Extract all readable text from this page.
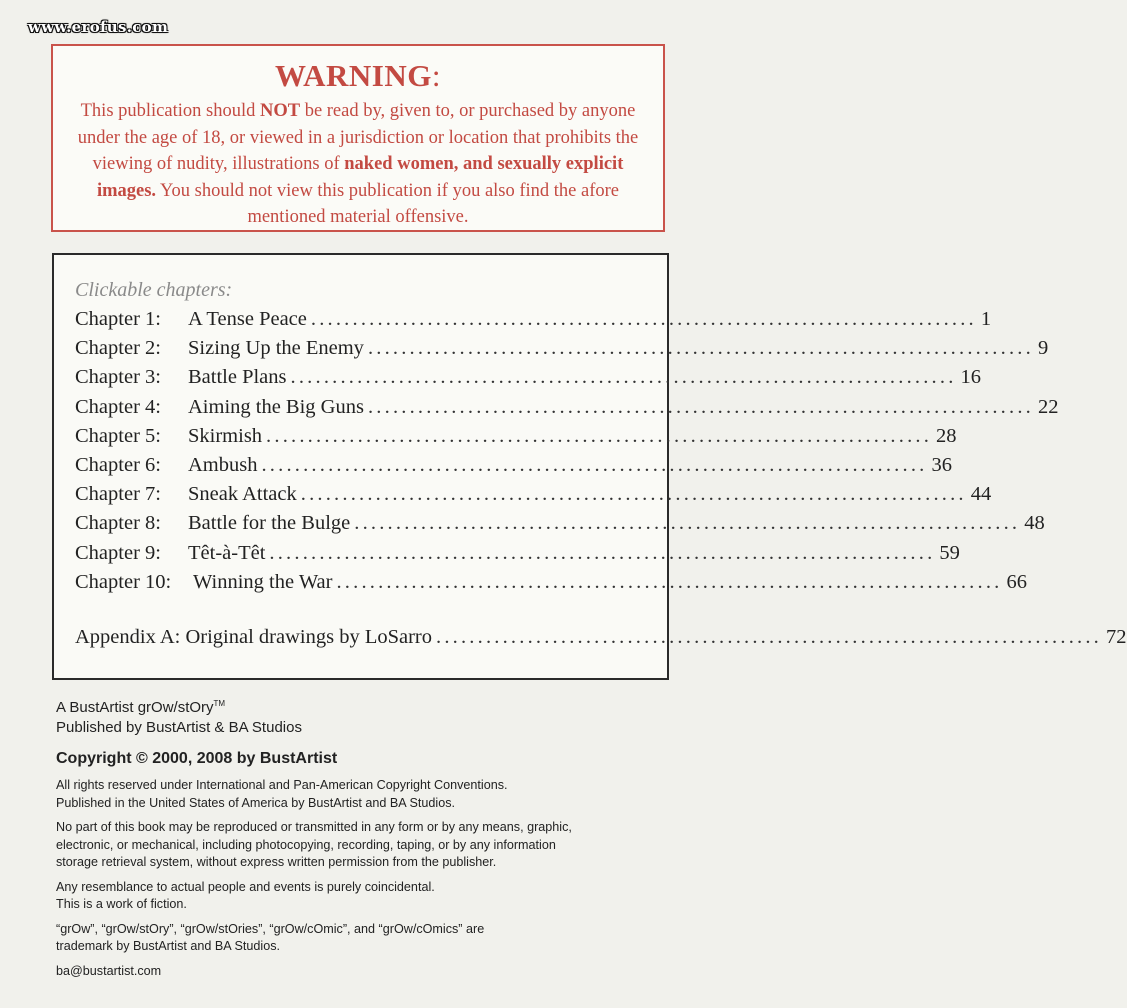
www.erofus.com
WARNING:
This publication should NOT be read by, given to, or purchased by anyone under the age of 18, or viewed in a jurisdiction or location that prohibits the viewing of nudity, illustrations of naked women, and sexually explicit images. You should not view this publication if you also find the afore mentioned material offensive.
Clickable chapters:
Chapter 1: A Tense Peace ................................................................................ 1
Chapter 2: Sizing Up the Enemy ................................................................................ 9
Chapter 3: Battle Plans ................................................................................ 16
Chapter 4: Aiming the Big Guns ................................................................................ 22
Chapter 5: Skirmish ................................................................................ 28
Chapter 6: Ambush ................................................................................ 36
Chapter 7: Sneak Attack ................................................................................ 44
Chapter 8: Battle for the Bulge ................................................................................ 48
Chapter 9: Têt-à-Têt ................................................................................ 59
Chapter 10: Winning the War ................................................................................ 66
Appendix A: Original drawings by LoSarro ................................................................................ 72
A BustArtist grOw/stOry™
Published by BustArtist & BA Studios
Copyright © 2000, 2008 by BustArtist
All rights reserved under International and Pan-American Copyright Conventions.
Published in the United States of America by BustArtist and BA Studios.
No part of this book may be reproduced or transmitted in any form or by any means, graphic,
electronic, or mechanical, including photocopying, recording, taping, or by any information
storage retrieval system, without express written permission from the publisher.
Any resemblance to actual people and events is purely coincidental.
This is a work of fiction.
“grOw”, “grOw/stOry”, “grOw/stOries”, “grOw/cOmic”, and “grOw/cOmics” are
trademark by BustArtist and BA Studios.
ba@bustartist.com
